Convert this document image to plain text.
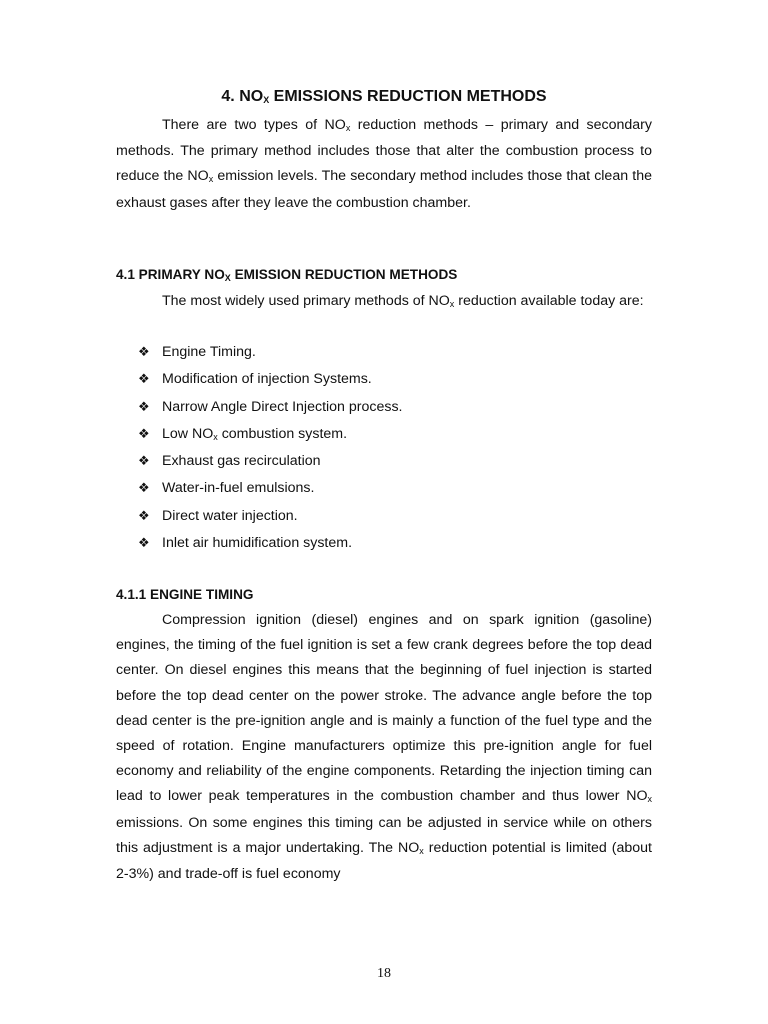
4. NOX EMISSIONS REDUCTION METHODS

There are two types of NOx reduction methods – primary and secondary methods. The primary method includes those that alter the combustion process to reduce the NOx emission levels. The secondary method includes those that clean the exhaust gases after they leave the combustion chamber.

4.1 PRIMARY NOX EMISSION REDUCTION METHODS

The most widely used primary methods of NOx reduction available today are:

❖ Engine Timing.
❖ Modification of injection Systems.
❖ Narrow Angle Direct Injection process.
❖ Low NOx combustion system.
❖ Exhaust gas recirculation
❖ Water-in-fuel emulsions.
❖ Direct water injection.
❖ Inlet air humidification system.
4.1.1 ENGINE TIMING

Compression ignition (diesel) engines and on spark ignition (gasoline) engines, the timing of the fuel ignition is set a few crank degrees before the top dead center. On diesel engines this means that the beginning of fuel injection is started before the top dead center on the power stroke. The advance angle before the top dead center is the pre-ignition angle and is mainly a function of the fuel type and the speed of rotation. Engine manufacturers optimize this pre-ignition angle for fuel economy and reliability of the engine components. Retarding the injection timing can lead to lower peak temperatures in the combustion chamber and thus lower NOx emissions. On some engines this timing can be adjusted in service while on others this adjustment is a major undertaking. The NOx reduction potential is limited (about 2-3%) and trade-off is fuel economy

18
